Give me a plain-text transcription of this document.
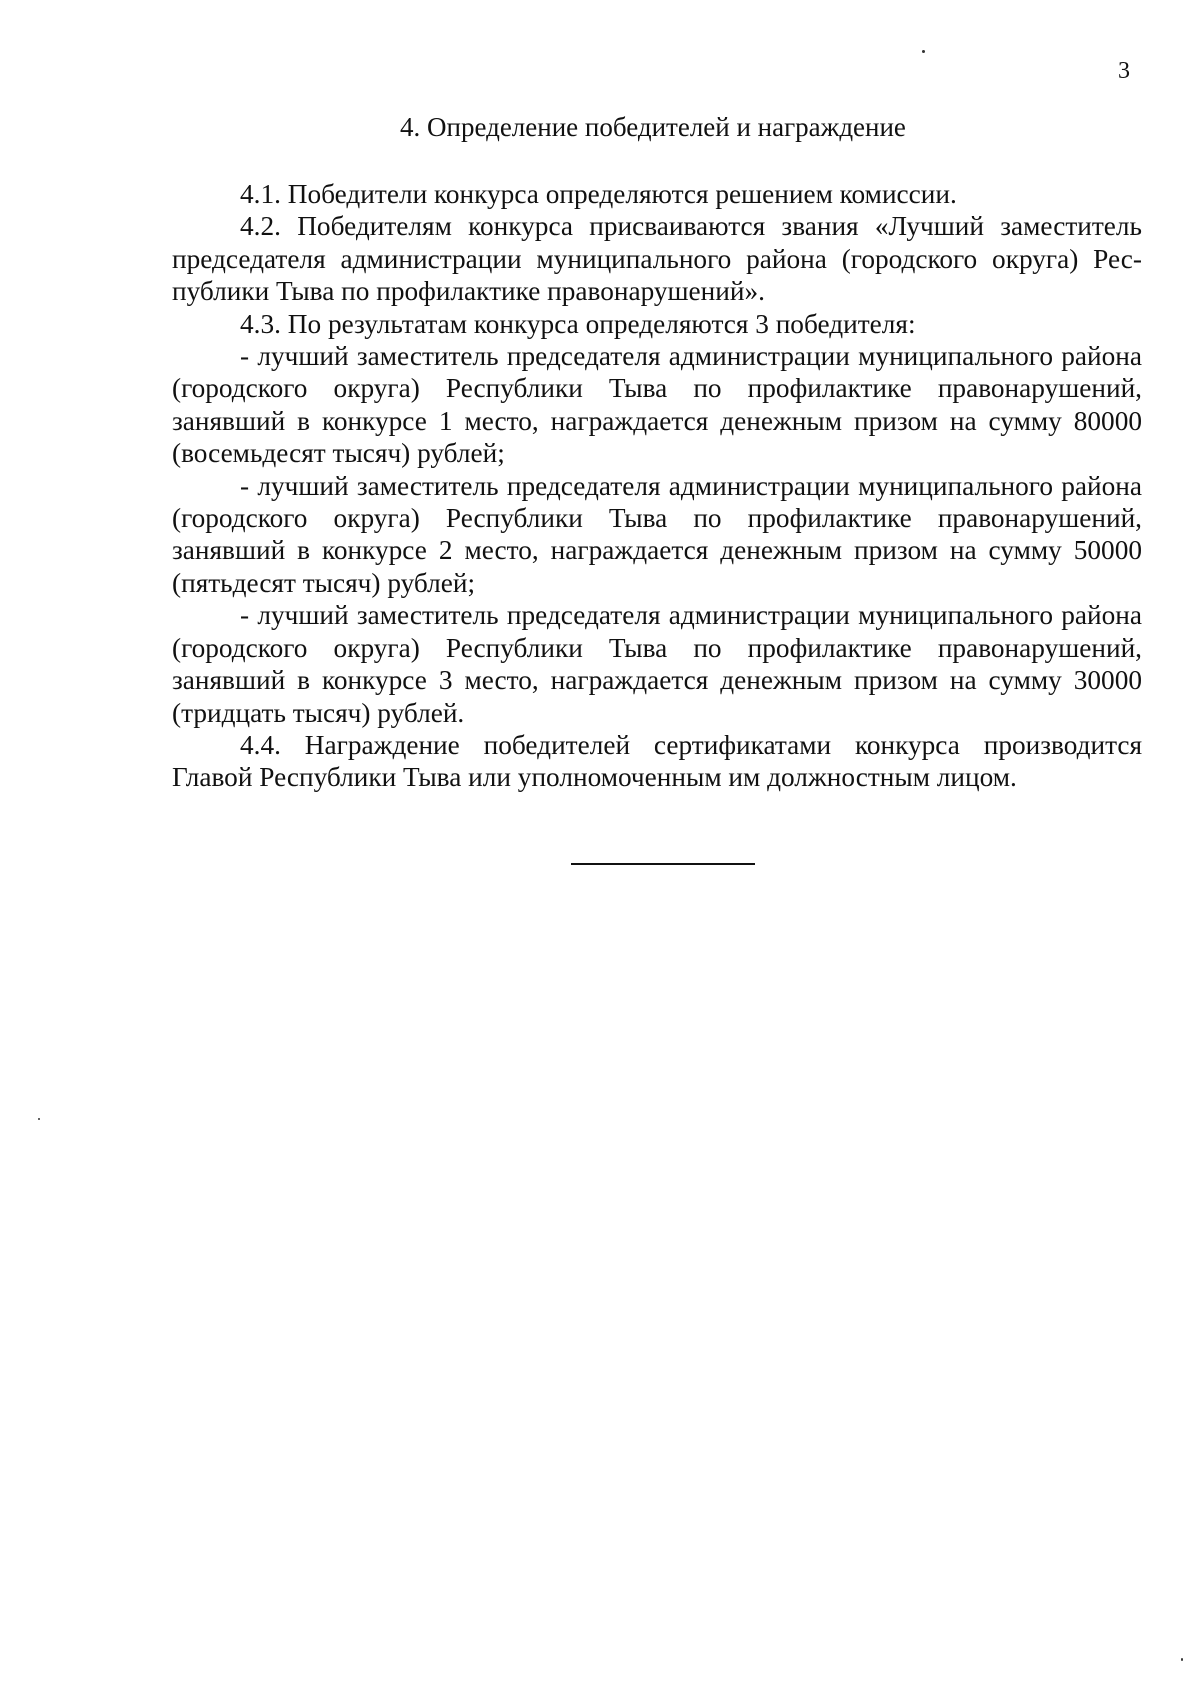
3
4. Определение победителей и награждение

4.1. Победители конкурса определяются решением комиссии.

4.2. Победителям конкурса присваиваются звания «Лучший заместитель председателя администрации муниципального района (городского округа) Республики Тыва по профилактике правонарушений».

4.3. По результатам конкурса определяются 3 победителя:

- лучший заместитель председателя администрации муниципального района (городского округа) Республики Тыва по профилактике правонарушений, занявший в конкурсе 1 место, награждается денежным призом на сумму 80000 (восемьдесят тысяч) рублей;

- лучший заместитель председателя администрации муниципального района (городского округа) Республики Тыва по профилактике правонарушений, занявший в конкурсе 2 место, награждается денежным призом на сумму 50000 (пятьдесят тысяч) рублей;

- лучший заместитель председателя администрации муниципального района (городского округа) Республики Тыва по профилактике правонарушений, занявший в конкурсе 3 место, награждается денежным призом на сумму 30000 (тридцать тысяч) рублей.

4.4. Награждение победителей сертификатами конкурса производится Главой Республики Тыва или уполномоченным им должностным лицом.
